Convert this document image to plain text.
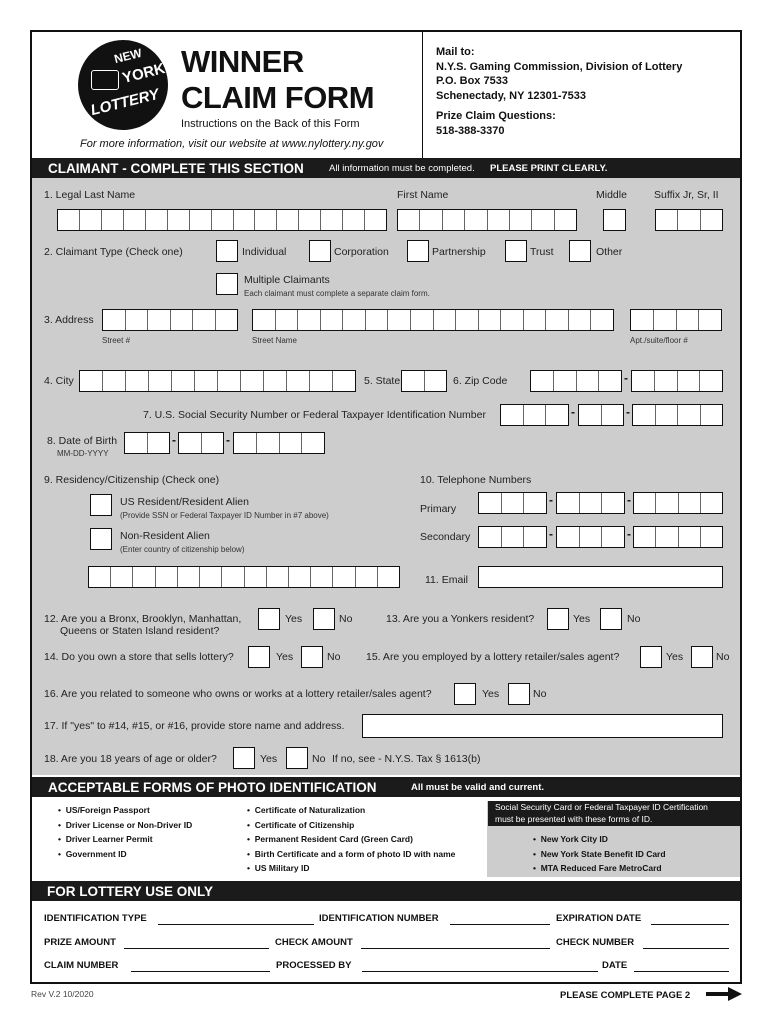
NEW
YORK
LOTTERY
WINNER
CLAIM FORM
Instructions on the Back of this Form
For more information, visit our website at www.nylottery.ny.gov
Mail to:
N.Y.S. Gaming Commission, Division of Lottery
P.O. Box 7533
Schenectady, NY 12301-7533
Prize Claim Questions:
518-388-3370
CLAIMANT - COMPLETE THIS SECTION	All information must be completed. PLEASE PRINT CLEARLY.
1. Legal Last Name	First Name	Middle	Suffix Jr, Sr, II
2. Claimant Type (Check one)	Individual	Corporation	Partnership	Trust	Other
Multiple Claimants
Each claimant must complete a separate claim form.
3. Address
Street #	Street Name	Apt./suite/floor #
4. City	5. State	6. Zip Code	-
7. U.S. Social Security Number or Federal Taxpayer Identification Number	-	-
8. Date of Birth
MM-DD-YYYY
-	-
9. Residency/Citizenship (Check one)
US Resident/Resident Alien
(Provide SSN or Federal Taxpayer ID Number in #7 above)
Non-Resident Alien
(Enter country of citizenship below)
10. Telephone Numbers
Primary
-	-
Secondary	-	-
11. Email
12. Are you a Bronx, Brooklyn, Manhattan,
Queens or Staten Island resident?
Yes	No	13. Are you a Yonkers resident?	Yes	No
14. Do you own a store that sells lottery?	Yes	No 15. Are you employed by a lottery retailer/sales agent?	Yes	No
16. Are you related to someone who owns or works at a lottery retailer/sales agent?	Yes	No
17. If "yes" to #14, #15, or #16, provide store name and address.
18. Are you 18 years of age or older?	Yes	No If no, see - N.Y.S. Tax § 1613(b)
ACCEPTABLE FORMS OF PHOTO IDENTIFICATION	All must be valid and current.
•  US/Foreign Passport
•  Driver License or Non-Driver ID
•  Driver Learner Permit
•  Government ID
•  Certificate of Naturalization
•  Certificate of Citizenship
•  Permanent Resident Card (Green Card)
•  Birth Certificate and a form of photo ID with name
•  US Military ID
Social Security Card or Federal Taxpayer ID Certification
must be presented with these forms of ID.
•  New York City ID
•  New York State Benefit ID Card
•  MTA Reduced Fare MetroCard
FOR LOTTERY USE ONLY
IDENTIFICATION TYPE	IDENTIFICATION NUMBER	EXPIRATION DATE
PRIZE AMOUNT	CHECK AMOUNT	CHECK NUMBER
CLAIM NUMBER	PROCESSED BY	DATE
Rev V.2 10/2020	PLEASE COMPLETE PAGE 2
